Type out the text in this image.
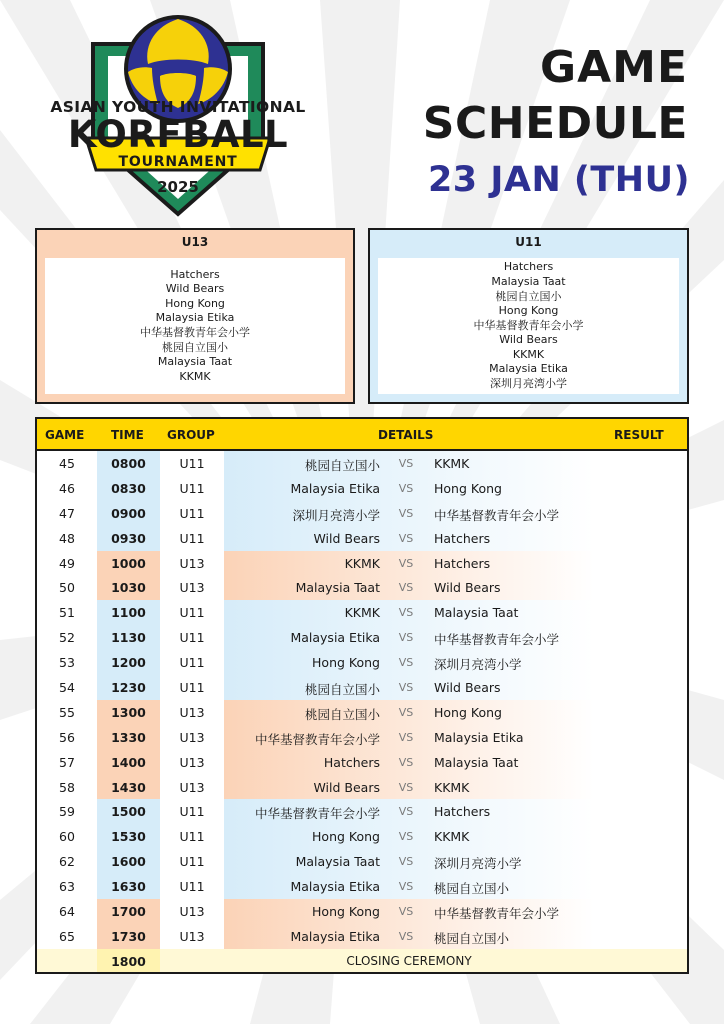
ASIAN YOUTH INVITATIONAL
KORFBALL
TOURNAMENT
2025
GAME
SCHEDULE
23 JAN (THU)
U13
Hatchers
Wild Bears
Hong Kong
Malaysia Etika
中华基督教青年会小学
桃园自立国小
Malaysia Taat
KKMK
U11
Hatchers
Malaysia Taat
桃园自立国小
Hong Kong
中华基督教青年会小学
Wild Bears
KKMK
Malaysia Etika
深圳月亮湾小学
GAME TIME GROUP	DETAILS	RESULT
45	0800	U11	桃园自立国小	VS	KKMK
46	0830	U11	Malaysia Etika	VS	Hong Kong
47	0900	U11	深圳月亮湾小学	VS	中华基督教青年会小学
48	0930	U11	Wild Bears	VS	Hatchers
49	1000	U13	KKMK	VS	Hatchers
50	1030	U13	Malaysia Taat	VS	Wild Bears
51	1100	U11	KKMK	VS	Malaysia Taat
52	1130	U11	Malaysia Etika	VS	中华基督教青年会小学
53	1200	U11	Hong Kong	VS	深圳月亮湾小学
54	1230	U11	桃园自立国小	VS	Wild Bears
55	1300	U13	桃园自立国小	VS	Hong Kong
56	1330	U13	中华基督教青年会小学	VS	Malaysia Etika
57	1400	U13	Hatchers	VS	Malaysia Taat
58	1430	U13	Wild Bears	VS	KKMK
59	1500	U11	中华基督教青年会小学	VS	Hatchers
60	1530	U11	Hong Kong	VS	KKMK
62	1600	U11	Malaysia Taat	VS	深圳月亮湾小学
63	1630	U11	Malaysia Etika	VS	桃园自立国小
64	1700	U13	Hong Kong	VS	中华基督教青年会小学
65	1730	U13	Malaysia Etika	VS	桃园自立国小
1800	CLOSING CEREMONY
